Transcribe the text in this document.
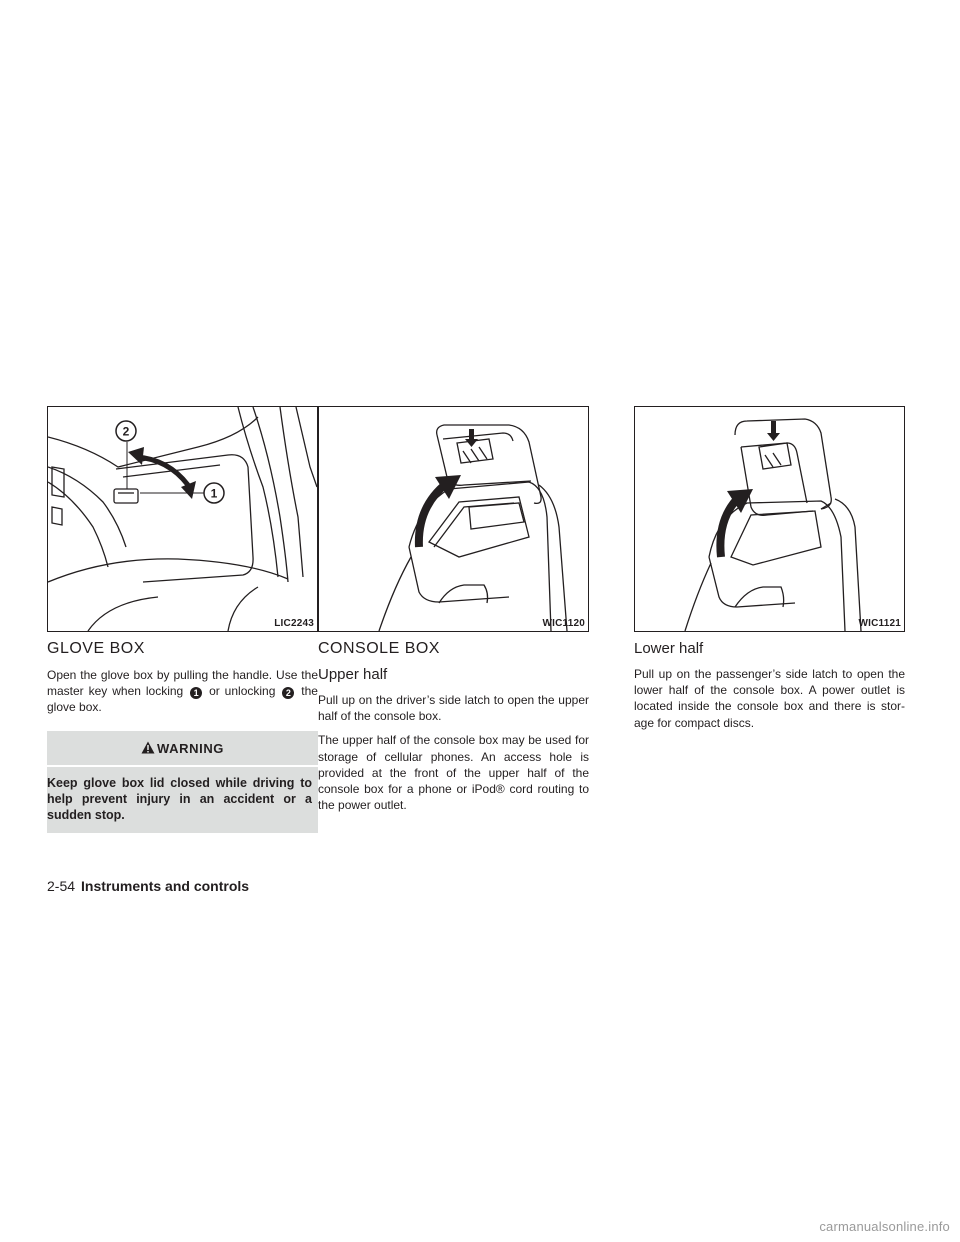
2
1
LIC2243
GLOVE BOX

Open the glove box by pulling the handle. Use the master key when locking 1 or unlocking 2 the glove box.

WARNING
Keep glove box lid closed while driving to help prevent injury in an accident or a sudden stop.
WIC1120
CONSOLE BOX
Upper half

Pull up on the driver’s side latch to open the upper half of the console box.

The upper half of the console box may be used for storage of cellular phones. An access hole is provided at the front of the upper half of the console box for a phone or iPod® cord routing to the power outlet.

WIC1121
Lower half

Pull up on the passenger’s side latch to open the lower half of the console box. A power outlet is located inside the console box and there is stor-age for compact discs.

2-54 Instruments and controls
carmanualsonline.info
